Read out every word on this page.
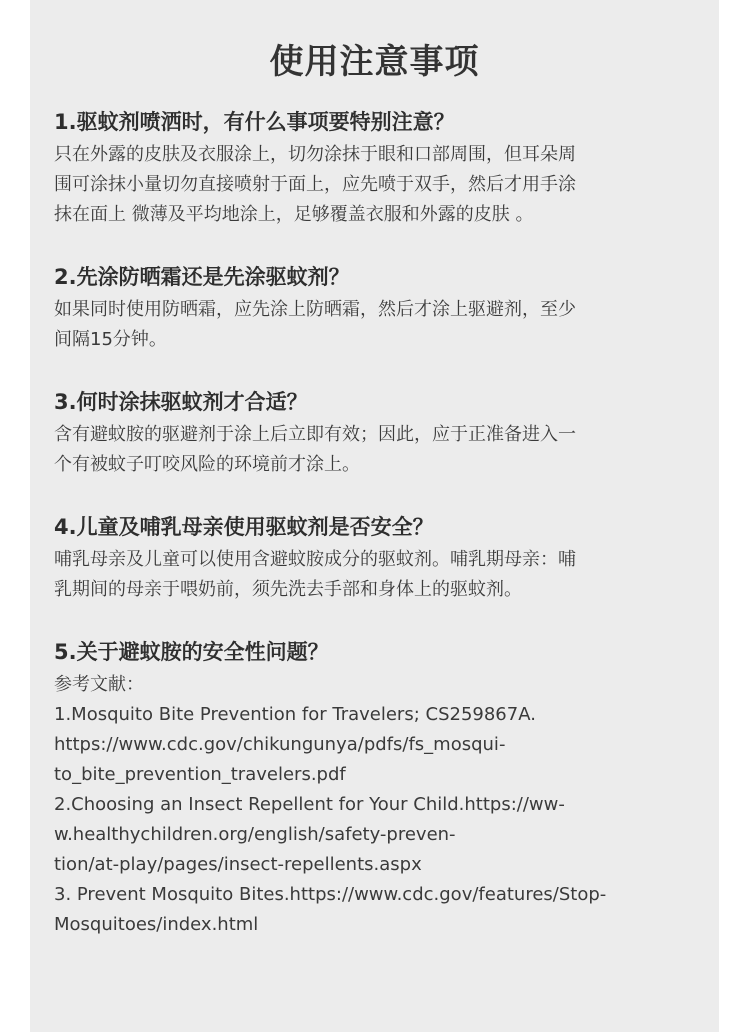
使用注意事项
1.驱蚊剂喷洒时，有什么事项要特别注意？

只在外露的皮肤及衣服涂上，切勿涂抹于眼和口部周围，但耳朵周
围可涂抹小量切勿直接喷射于面上，应先喷于双手，然后才用手涂
抹在面上 微薄及平均地涂上，足够覆盖衣服和外露的皮肤 。

2.先涂防晒霜还是先涂驱蚊剂？

如果同时使用防晒霜，应先涂上防晒霜，然后才涂上驱避剂，至少
间隔15分钟。

3.何时涂抹驱蚊剂才合适？

含有避蚊胺的驱避剂于涂上后立即有效；因此，应于正准备进入一
个有被蚊子叮咬风险的环境前才涂上。

4.儿童及哺乳母亲使用驱蚊剂是否安全？

哺乳母亲及儿童可以使用含避蚊胺成分的驱蚊剂。哺乳期母亲：哺
乳期间的母亲于喂奶前，须先洗去手部和身体上的驱蚊剂。

5.关于避蚊胺的安全性问题？

参考文献：
1.Mosquito Bite Prevention for Travelers; CS259867A.
https://www.cdc.gov/chikungunya/pdfs/fs_mosqui-
to_bite_prevention_travelers.pdf
2.Choosing an Insect Repellent for Your Child.https://ww-
w.healthychildren.org/english/safety-preven-
tion/at-play/pages/insect-repellents.aspx
3. Prevent Mosquito Bites.https://www.cdc.gov/features/Stop-
Mosquitoes/index.html
